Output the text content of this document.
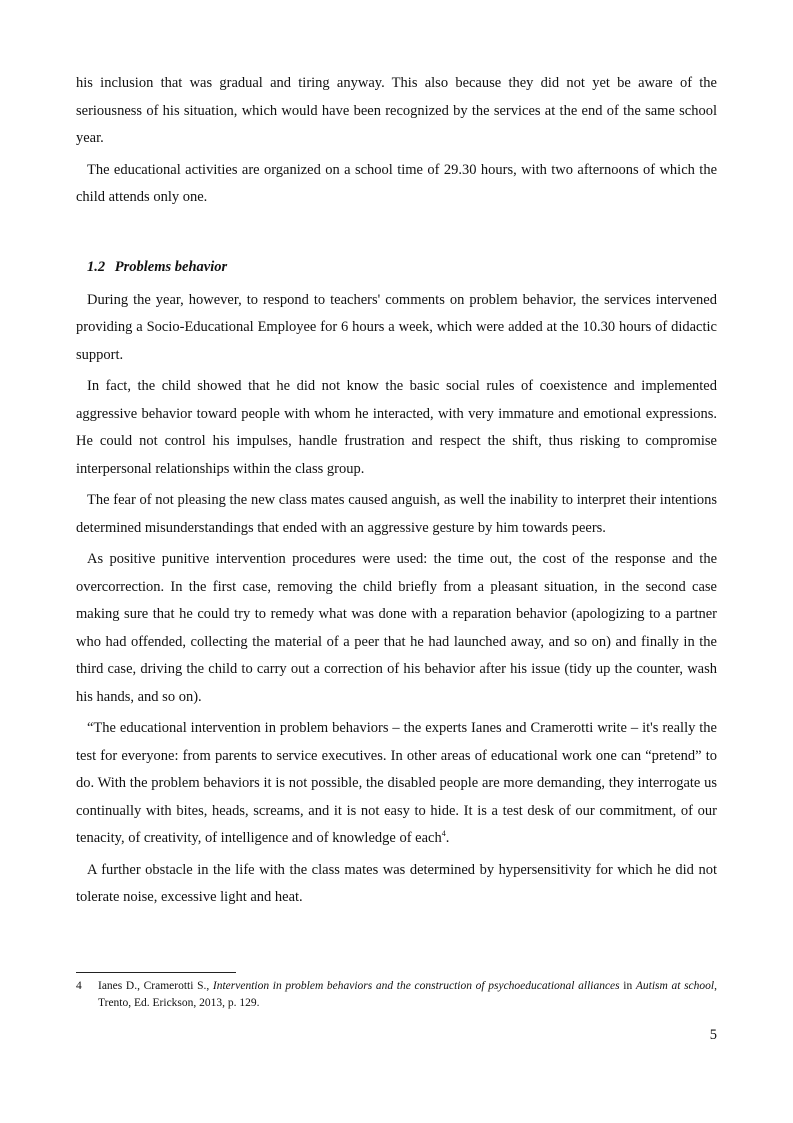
his inclusion that was gradual and tiring anyway. This also because they did not yet be aware of the seriousness of his situation, which would have been recognized by the services at the end of the same school year.

The educational activities are organized on a school time of 29.30 hours, with two afternoons of which the child attends only one.

1.2 Problems behavior

During the year, however, to respond to teachers' comments on problem behavior, the services intervened providing a Socio-Educational Employee for 6 hours a week, which were added at the 10.30 hours of didactic support.

In fact, the child showed that he did not know the basic social rules of coexistence and implemented aggressive behavior toward people with whom he interacted, with very immature and emotional expressions. He could not control his impulses, handle frustration and respect the shift, thus risking to compromise interpersonal relationships within the class group.

The fear of not pleasing the new class mates caused anguish, as well the inability to interpret their intentions determined misunderstandings that ended with an aggressive gesture by him towards peers.

As positive punitive intervention procedures were used: the time out, the cost of the response and the overcorrection. In the first case, removing the child briefly from a pleasant situation, in the second case making sure that he could try to remedy what was done with a reparation behavior (apologizing to a partner who had offended, collecting the material of a peer that he had launched away, and so on) and finally in the third case, driving the child to carry out a correction of his behavior after his issue (tidy up the counter, wash his hands, and so on).

“The educational intervention in problem behaviors – the experts Ianes and Cramerotti write – it's really the test for everyone: from parents to service executives. In other areas of educational work one can “pretend” to do. With the problem behaviors it is not possible, the disabled people are more demanding, they interrogate us continually with bites, heads, screams, and it is not easy to hide. It is a test desk of our commitment, of our tenacity, of creativity, of intelligence and of knowledge of each$^4$.

A further obstacle in the life with the class mates was determined by hypersensitivity for which he did not tolerate noise, excessive light and heat.

4 Ianes D., Cramerotti S., Intervention in problem behaviors and the construction of psychoeducational alliances in Autism at school, Trento, Ed. Erickson, 2013, p. 129.
5
